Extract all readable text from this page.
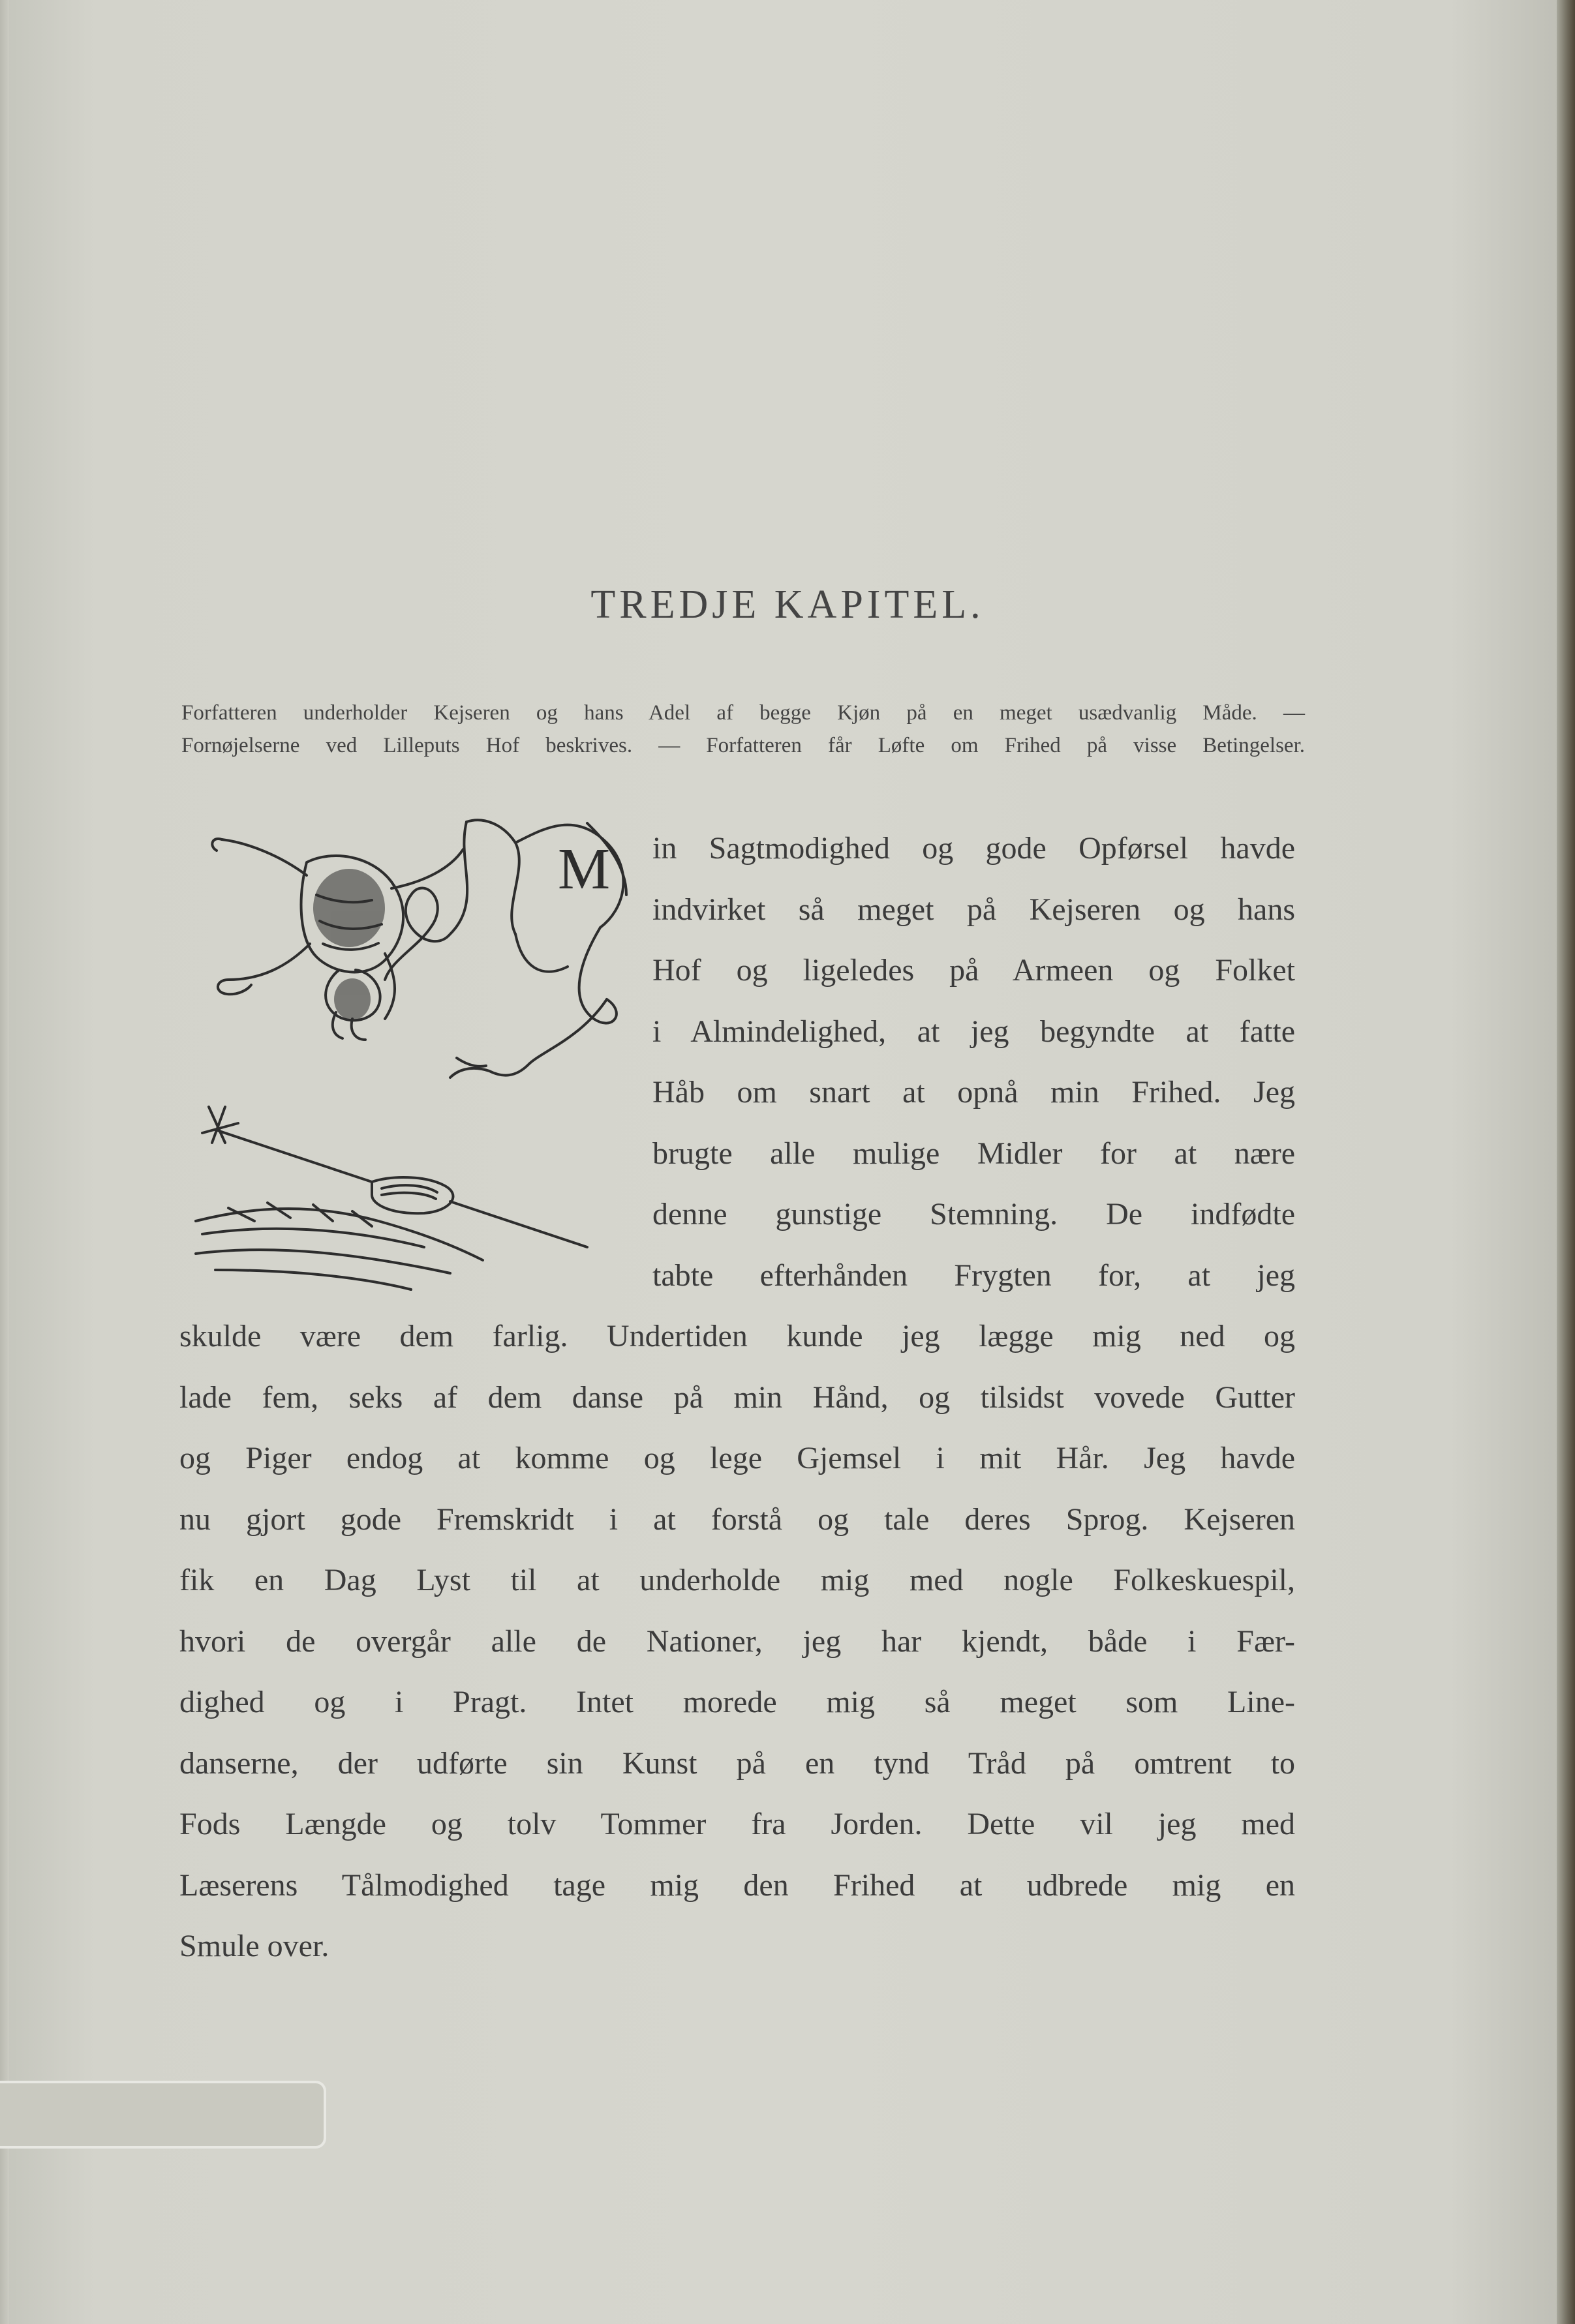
TREDJE KAPITEL.
Forfatteren underholder Kejseren og hans Adel af begge Kjøn på en meget usædvanlig Måde. —
Fornøjelserne ved Lilleputs Hof beskrives. — Forfatteren får Løfte om Frihed på visse Betingelser.
M in Sagtmodighed og gode Opførsel havde
indvirket så meget på Kejseren og hans
Hof og ligeledes på Armeen og Folket
i Almindelighed, at jeg begyndte at fatte
Håb om snart at opnå min Frihed. Jeg
brugte alle mulige Midler for at nære
denne gunstige Stemning. De indfødte
tabte efterhånden Frygten for, at jeg
skulde være dem farlig. Undertiden kunde jeg lægge mig ned og
lade fem, seks af dem danse på min Hånd, og tilsidst vovede Gutter
og Piger endog at komme og lege Gjemsel i mit Hår. Jeg havde
nu gjort gode Fremskridt i at forstå og tale deres Sprog. Kejseren
fik en Dag Lyst til at underholde mig med nogle Folkeskuespil,
hvori de overgår alle de Nationer, jeg har kjendt, både i Fær-
dighed og i Pragt. Intet morede mig så meget som Line-
danserne, der udførte sin Kunst på en tynd Tråd på omtrent to
Fods Længde og tolv Tommer fra Jorden. Dette vil jeg med
Læserens Tålmodighed tage mig den Frihed at udbrede mig en
Smule over.
